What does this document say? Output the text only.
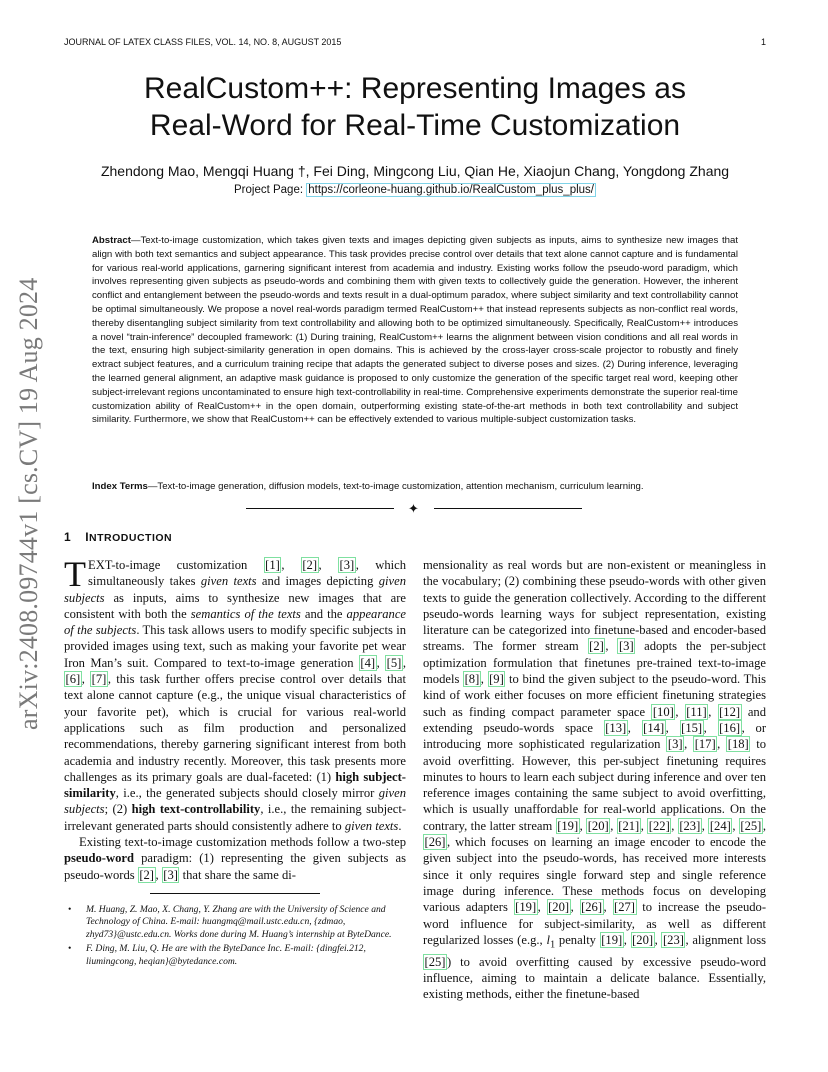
JOURNAL OF LATEX CLASS FILES, VOL. 14, NO. 8, AUGUST 2015	1
arXiv:2408.09744v1 [cs.CV] 19 Aug 2024
RealCustom++: Representing Images as
Real-Word for Real-Time Customization
Zhendong Mao, Mengqi Huang †, Fei Ding, Mingcong Liu, Qian He, Xiaojun Chang, Yongdong Zhang
Project Page: https://corleone-huang.github.io/RealCustom_plus_plus/
Abstract—Text-to-image customization, which takes given texts and images depicting given subjects as inputs, aims to synthesize new images that align with both text semantics and subject appearance. This task provides precise control over details that text alone cannot capture and is fundamental for various real-world applications, garnering significant interest from academia and industry. Existing works follow the pseudo-word paradigm, which involves representing given subjects as pseudo-words and combining them with given texts to collectively guide the generation. However, the inherent conflict and entanglement between the pseudo-words and texts result in a dual-optimum paradox, where subject similarity and text controllability cannot be optimal simultaneously. We propose a novel real-words paradigm termed RealCustom++ that instead represents subjects as non-conflict real words, thereby disentangling subject similarity from text controllability and allowing both to be optimized simultaneously. Specifically, RealCustom++ introduces a novel “train-inference” decoupled framework: (1) During training, RealCustom++ learns the alignment between vision conditions and all real words in the text, ensuring high subject-similarity generation in open domains. This is achieved by the cross-layer cross-scale projector to robustly and finely extract subject features, and a curriculum training recipe that adapts the generated subject to diverse poses and sizes. (2) During inference, leveraging the learned general alignment, an adaptive mask guidance is proposed to only customize the generation of the specific target real word, keeping other subject-irrelevant regions uncontaminated to ensure high text-controllability in real-time. Comprehensive experiments demonstrate the superior real-time customization ability of RealCustom++ in the open domain, outperforming existing state-of-the-art methods in both text controllability and subject similarity. Furthermore, we show that RealCustom++ can be effectively extended to various multiple-subject customization tasks.
Index Terms—Text-to-image generation, diffusion models, text-to-image customization, attention mechanism, curriculum learning.
✦
1 INTRODUCTION

TEXT-to-image customization [1] , [2] , [3] , which simultaneously takes given texts and images depicting given subjects as inputs, aims to synthesize new images that are consistent with both the semantics of the texts and the appearance of the subjects. This task allows users to modify specific subjects in provided images using text, such as making your favorite pet wear Iron Man’s suit. Compared to text-to-image generation [4] , [5] , [6] , [7] , this task further offers precise control over details that text alone cannot capture (e.g., the unique visual characteristics of your favorite pet), which is crucial for various real-world applications such as film production and personalized recommendations, thereby garnering significant interest from both academia and industry recently. Moreover, this task presents more challenges as its primary goals are dual-faceted: (1) high subject-similarity, i.e., the generated subjects should closely mirror given subjects; (2) high text-controllability, i.e., the remaining subject-irrelevant generated parts should consistently adhere to given texts.

Existing text-to-image customization methods follow a two-step pseudo-word paradigm: (1) representing the given subjects as pseudo-words [2] , [3] that share the same di-

• M. Huang, Z. Mao, X. Chang, Y. Zhang are with the University of Science and Technology of China. E-mail: huangmq@mail.ustc.edu.cn, {zdmao, zhyd73}@ustc.edu.cn. Works done during M. Huang’s internship at ByteDance.
• F. Ding, M. Liu, Q. He are with the ByteDance Inc. E-mail: {dingfei.212, liumingcong, heqian}@bytedance.com.

mensionality as real words but are non-existent or meaningless in the vocabulary; (2) combining these pseudo-words with other given texts to guide the generation collectively. According to the different pseudo-words learning ways for subject representation, existing literature can be categorized into finetune-based and encoder-based streams. The former stream [2] , [3] adopts the per-subject optimization formulation that finetunes pre-trained text-to-image models [8] , [9] to bind the given subject to the pseudo-word. This kind of work either focuses on more efficient finetuning strategies such as finding compact parameter space [10] , [11] , [12] and extending pseudo-words space [13] , [14] , [15] , [16] , or introducing more sophisticated regularization [3] , [17] , [18] to avoid overfitting. However, this per-subject finetuning requires minutes to hours to learn each subject during inference and over ten reference images containing the same subject to avoid overfitting, which is usually unaffordable for real-world applications. On the contrary, the latter stream [19] , [20] , [21] , [22] , [23] , [24] , [25] , [26] , which focuses on learning an image encoder to encode the given subject into the pseudo-words, has received more interests since it only requires single forward step and single reference image during inference. These methods focus on developing various adapters [19] , [20] , [26] , [27] to increase the pseudo-word influence for subject-similarity, as well as different regularized losses (e.g., $l_1$ penalty [19] , [20] , [23] , alignment loss [25] ) to avoid overfitting caused by excessive pseudo-word influence, aiming to maintain a delicate balance. Essentially, existing methods, either the finetune-based
